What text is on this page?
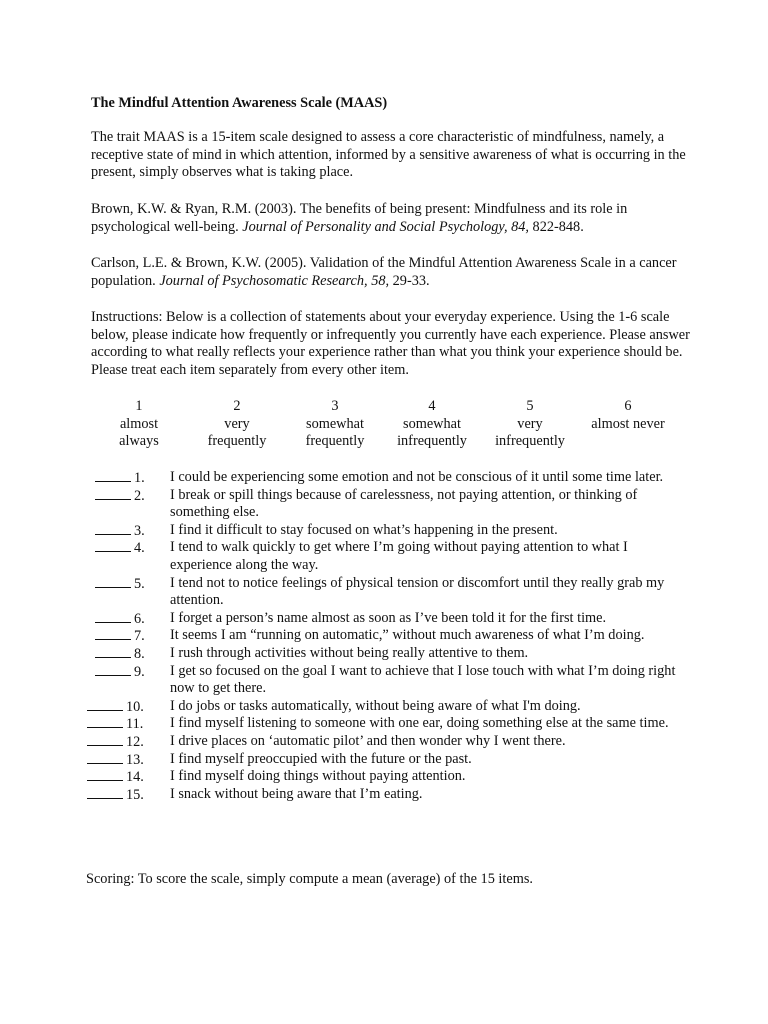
The Mindful Attention Awareness Scale (MAAS)
The trait MAAS is a 15-item scale designed to assess a core characteristic of mindfulness, namely, a receptive state of mind in which attention, informed by a sensitive awareness of what is occurring in the present, simply observes what is taking place.
Brown, K.W. & Ryan, R.M. (2003). The benefits of being present: Mindfulness and its role in psychological well-being. Journal of Personality and Social Psychology, 84, 822-848.
Carlson, L.E. & Brown, K.W. (2005). Validation of the Mindful Attention Awareness Scale in a cancer population. Journal of Psychosomatic Research, 58, 29-33.
Instructions: Below is a collection of statements about your everyday experience. Using the 1-6 scale below, please indicate how frequently or infrequently you currently have each experience. Please answer according to what really reflects your experience rather than what you think your experience should be. Please treat each item separately from every other item.
1
almost
always
2
very
frequently
3
somewhat
frequently
4
somewhat
infrequently
5
very
infrequently
6
almost never
1. I could be experiencing some emotion and not be conscious of it until some time later.
2. I break or spill things because of carelessness, not paying attention, or thinking of something else.
3. I find it difficult to stay focused on what’s happening in the present.
4. I tend to walk quickly to get where I’m going without paying attention to what I experience along the way.
5. I tend not to notice feelings of physical tension or discomfort until they really grab my attention.
6. I forget a person’s name almost as soon as I’ve been told it for the first time.
7. It seems I am “running on automatic,” without much awareness of what I’m doing.
8. I rush through activities without being really attentive to them.
9. I get so focused on the goal I want to achieve that I lose touch with what I’m doing right now to get there.
10. I do jobs or tasks automatically, without being aware of what I'm doing.
11. I find myself listening to someone with one ear, doing something else at the same time.
12. I drive places on ‘automatic pilot’ and then wonder why I went there.
13. I find myself preoccupied with the future or the past.
14. I find myself doing things without paying attention.
15. I snack without being aware that I’m eating.
Scoring: To score the scale, simply compute a mean (average) of the 15 items.
